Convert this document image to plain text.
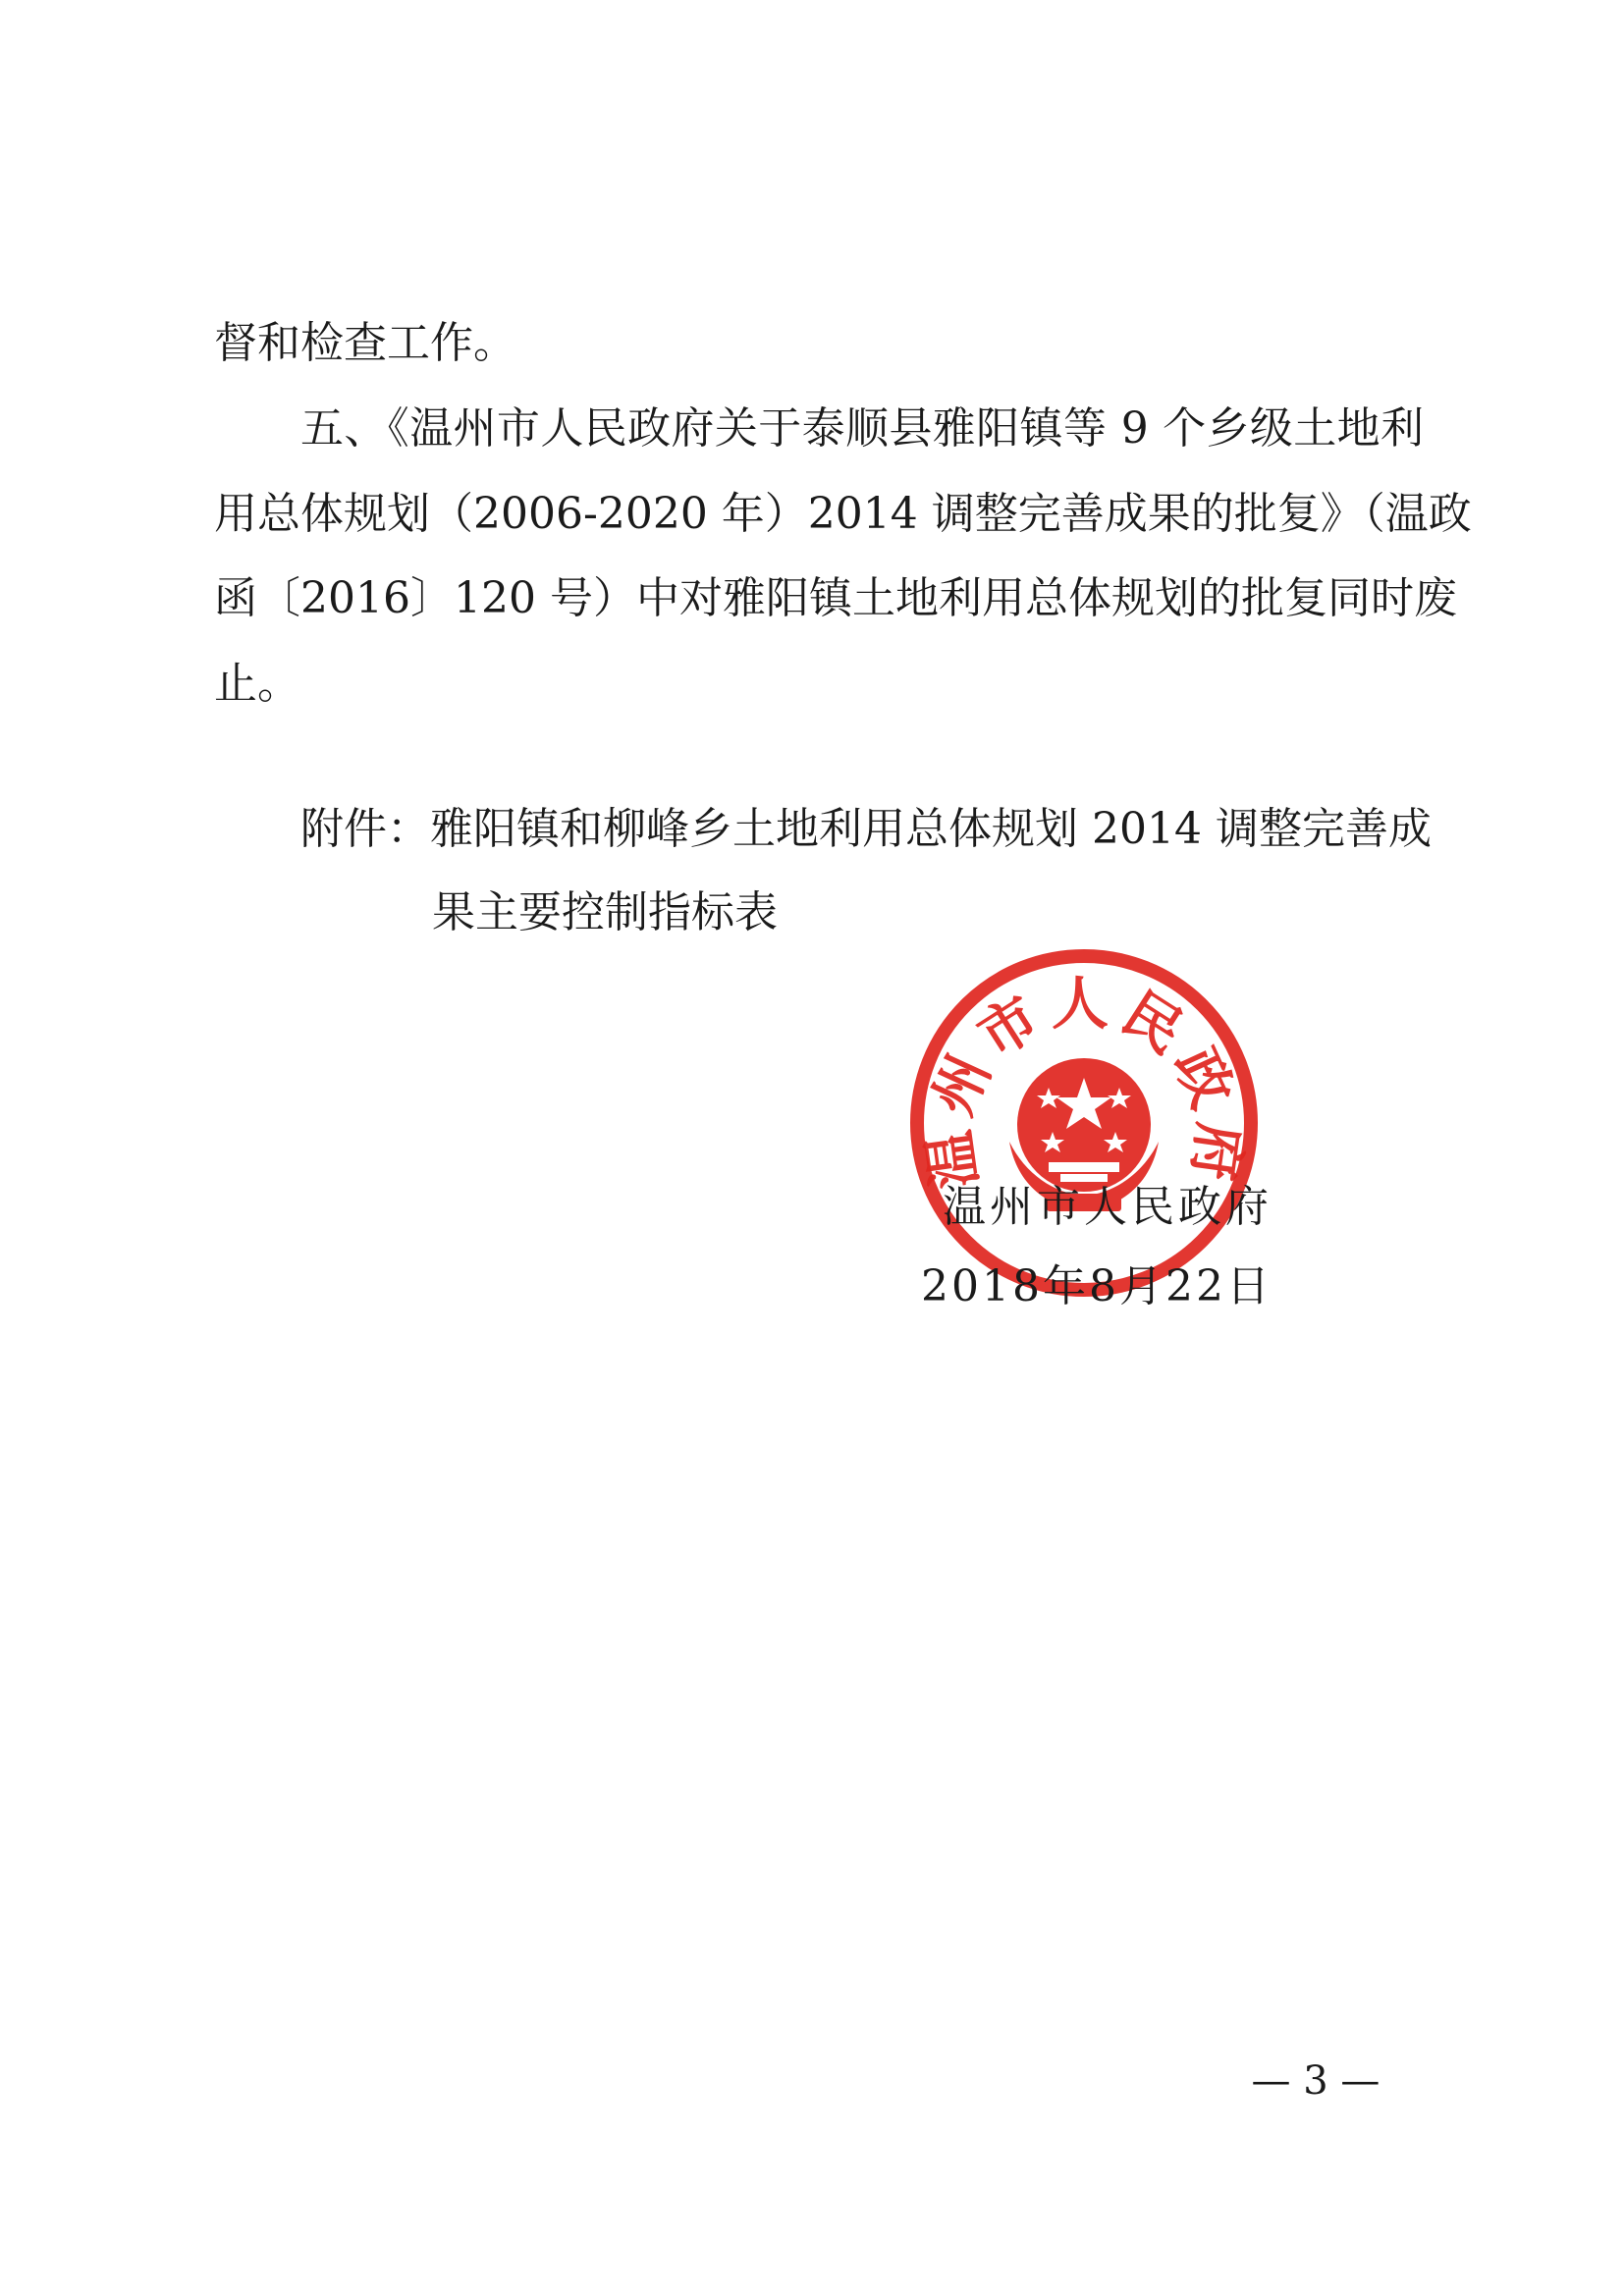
督和检查工作。
五、《温州市人民政府关于泰顺县雅阳镇等 9 个乡级土地利
用总体规划（2006-2020 年）2014 调整完善成果的批复》（温政
函〔2016〕120 号）中对雅阳镇土地利用总体规划的批复同时废
止。
附件：雅阳镇和柳峰乡土地利用总体规划 2014 调整完善成
果主要控制指标表
温州市人民政府
温州市人民政府
2018年8月22日
— 3 —
